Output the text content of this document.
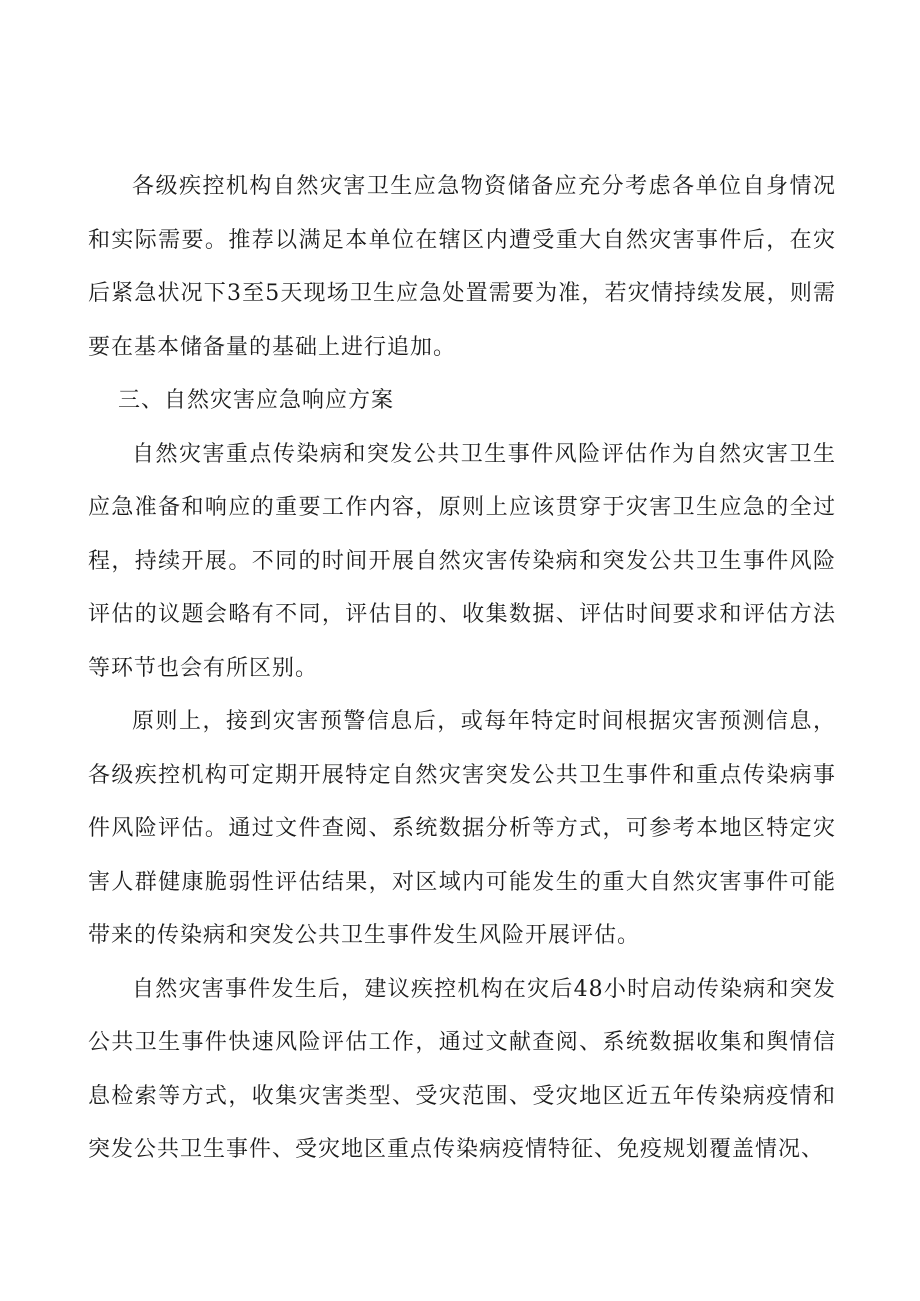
各级疾控机构自然灾害卫生应急物资储备应充分考虑各单位自身情况和实际需要。推荐以满足本单位在辖区内遭受重大自然灾害事件后，在灾后紧急状况下3至5天现场卫生应急处置需要为准，若灾情持续发展，则需要在基本储备量的基础上进行追加。

三、自然灾害应急响应方案

自然灾害重点传染病和突发公共卫生事件风险评估作为自然灾害卫生应急准备和响应的重要工作内容，原则上应该贯穿于灾害卫生应急的全过程，持续开展。不同的时间开展自然灾害传染病和突发公共卫生事件风险评估的议题会略有不同，评估目的、收集数据、评估时间要求和评估方法等环节也会有所区别。

原则上，接到灾害预警信息后，或每年特定时间根据灾害预测信息，各级疾控机构可定期开展特定自然灾害突发公共卫生事件和重点传染病事件风险评估。通过文件查阅、系统数据分析等方式，可参考本地区特定灾害人群健康脆弱性评估结果，对区域内可能发生的重大自然灾害事件可能带来的传染病和突发公共卫生事件发生风险开展评估。

自然灾害事件发生后，建议疾控机构在灾后48小时启动传染病和突发公共卫生事件快速风险评估工作，通过文献查阅、系统数据收集和舆情信息检索等方式，收集灾害类型、受灾范围、受灾地区近五年传染病疫情和突发公共卫生事件、受灾地区重点传染病疫情特征、免疫规划覆盖情况、
